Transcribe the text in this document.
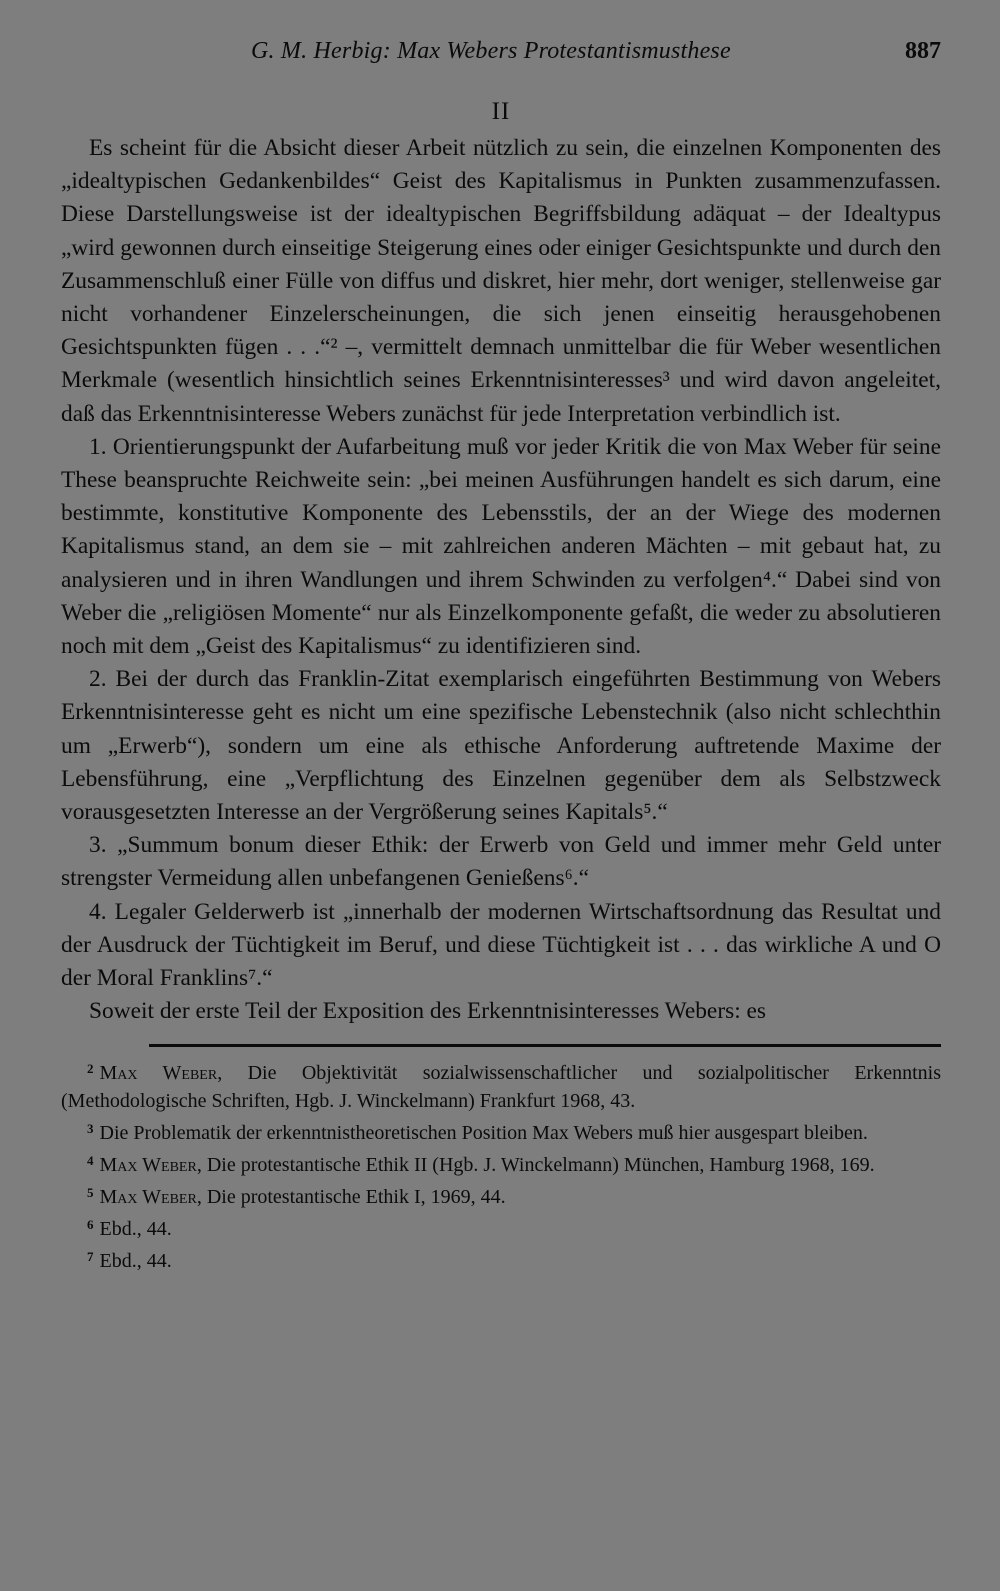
G. M. Herbig: Max Webers Protestantismusthese	887
II

Es scheint für die Absicht dieser Arbeit nützlich zu sein, die einzelnen Komponenten des „idealtypischen Gedankenbildes“ Geist des Kapitalismus in Punkten zusammenzufassen. Diese Darstellungsweise ist der idealtypischen Begriffsbildung adäquat – der Idealtypus „wird gewonnen durch einseitige Steigerung eines oder einiger Gesichtspunkte und durch den Zusammenschluß einer Fülle von diffus und diskret, hier mehr, dort weniger, stellenweise gar nicht vorhandener Einzelerscheinungen, die sich jenen einseitig herausgehobenen Gesichtspunkten fügen . . .“² –, vermittelt demnach unmittelbar die für Weber wesentlichen Merkmale (wesentlich hinsichtlich seines Erkenntnisinteresses³ und wird davon angeleitet, daß das Erkenntnisinteresse Webers zunächst für jede Interpretation verbindlich ist.

1. Orientierungspunkt der Aufarbeitung muß vor jeder Kritik die von Max Weber für seine These beanspruchte Reichweite sein: „bei meinen Ausführungen handelt es sich darum, eine bestimmte, konstitutive Komponente des Lebensstils, der an der Wiege des modernen Kapitalismus stand, an dem sie – mit zahlreichen anderen Mächten – mit gebaut hat, zu analysieren und in ihren Wandlungen und ihrem Schwinden zu verfolgen⁴.“ Dabei sind von Weber die „religiösen Momente“ nur als Einzelkomponente gefaßt, die weder zu absolutieren noch mit dem „Geist des Kapitalismus“ zu identifizieren sind.

2. Bei der durch das Franklin-Zitat exemplarisch eingeführten Bestimmung von Webers Erkenntnisinteresse geht es nicht um eine spezifische Lebenstechnik (also nicht schlechthin um „Erwerb“), sondern um eine als ethische Anforderung auftretende Maxime der Lebensführung, eine „Verpflichtung des Einzelnen gegenüber dem als Selbstzweck vorausgesetzten Interesse an der Vergrößerung seines Kapitals⁵.“

3. „Summum bonum dieser Ethik: der Erwerb von Geld und immer mehr Geld unter strengster Vermeidung allen unbefangenen Genießens⁶.“

4. Legaler Gelderwerb ist „innerhalb der modernen Wirtschaftsordnung das Resultat und der Ausdruck der Tüchtigkeit im Beruf, und diese Tüchtigkeit ist . . . das wirkliche A und O der Moral Franklins⁷.“

Soweit der erste Teil der Exposition des Erkenntnisinteresses Webers: es

$^2$ Max Weber, Die Objektivität sozialwissenschaftlicher und sozialpolitischer Erkenntnis (Methodologische Schriften, Hgb. J. Winckelmann) Frankfurt 1968, 43.

$^3$ Die Problematik der erkenntnistheoretischen Position Max Webers muß hier ausgespart bleiben.

$^4$ Max Weber, Die protestantische Ethik II (Hgb. J. Winckelmann) München, Hamburg 1968, 169.

$^5$ Max Weber, Die protestantische Ethik I, 1969, 44.

$^6$ Ebd., 44.

$^7$ Ebd., 44.
